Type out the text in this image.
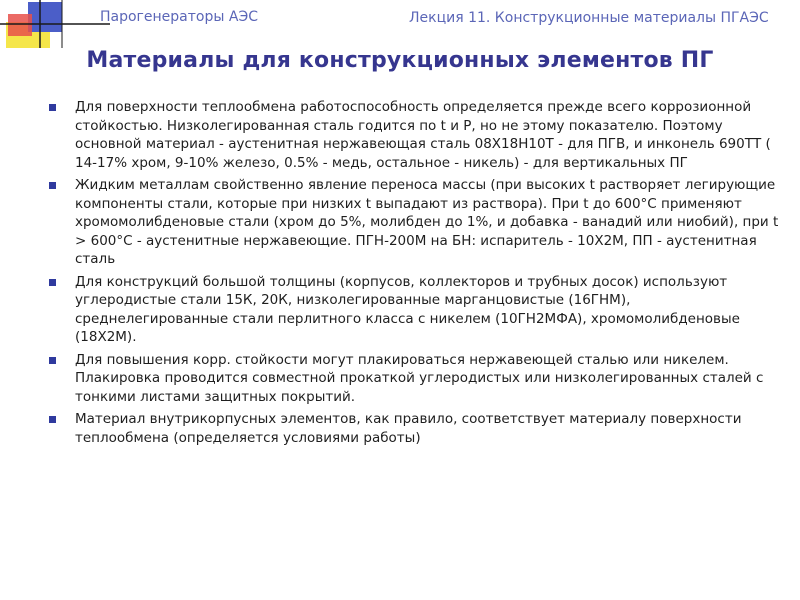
Парогенераторы АЭС	Лекция 11. Конструкционные материалы ПГАЭС
Материалы для конструкционных элементов ПГ
Для поверхности теплообмена работоспособность определяется прежде всего коррозионной стойкостью. Низколегированная сталь годится по t и P, но не этому показателю. Поэтому основной материал - аустенитная нержавеющая сталь 08Х18Н10Т - для ПГВ, и инконель 690ТТ ( 14-17% хром, 9-10% железо, 0.5% - медь, остальное - никель) - для вертикальных ПГ
Жидким металлам свойственно явление переноса массы (при высоких t растворяет легирующие компоненты стали, которые при низких t выпадают из раствора). При t до 600°С применяют хромомолибденовые стали (хром до 5%, молибден до 1%, и добавка - ванадий или ниобий), при t > 600°С - аустенитные нержавеющие. ПГН-200М на БН: испаритель - 10Х2М, ПП - аустенитная сталь
Для конструкций большой толщины (корпусов, коллекторов и трубных досок) используют углеродистые стали 15К, 20К, низколегированные марганцовистые (16ГНМ), среднелегированные стали перлитного класса с никелем (10ГН2МФА), хромомолибденовые (18Х2М).
Для повышения корр. стойкости могут плакироваться нержавеющей сталью или никелем. Плакировка проводится совместной прокаткой углеродистых или низколегированных сталей с тонкими листами защитных покрытий.
Материал внутрикорпусных элементов, как правило, соответствует материалу поверхности теплообмена (определяется условиями работы)
